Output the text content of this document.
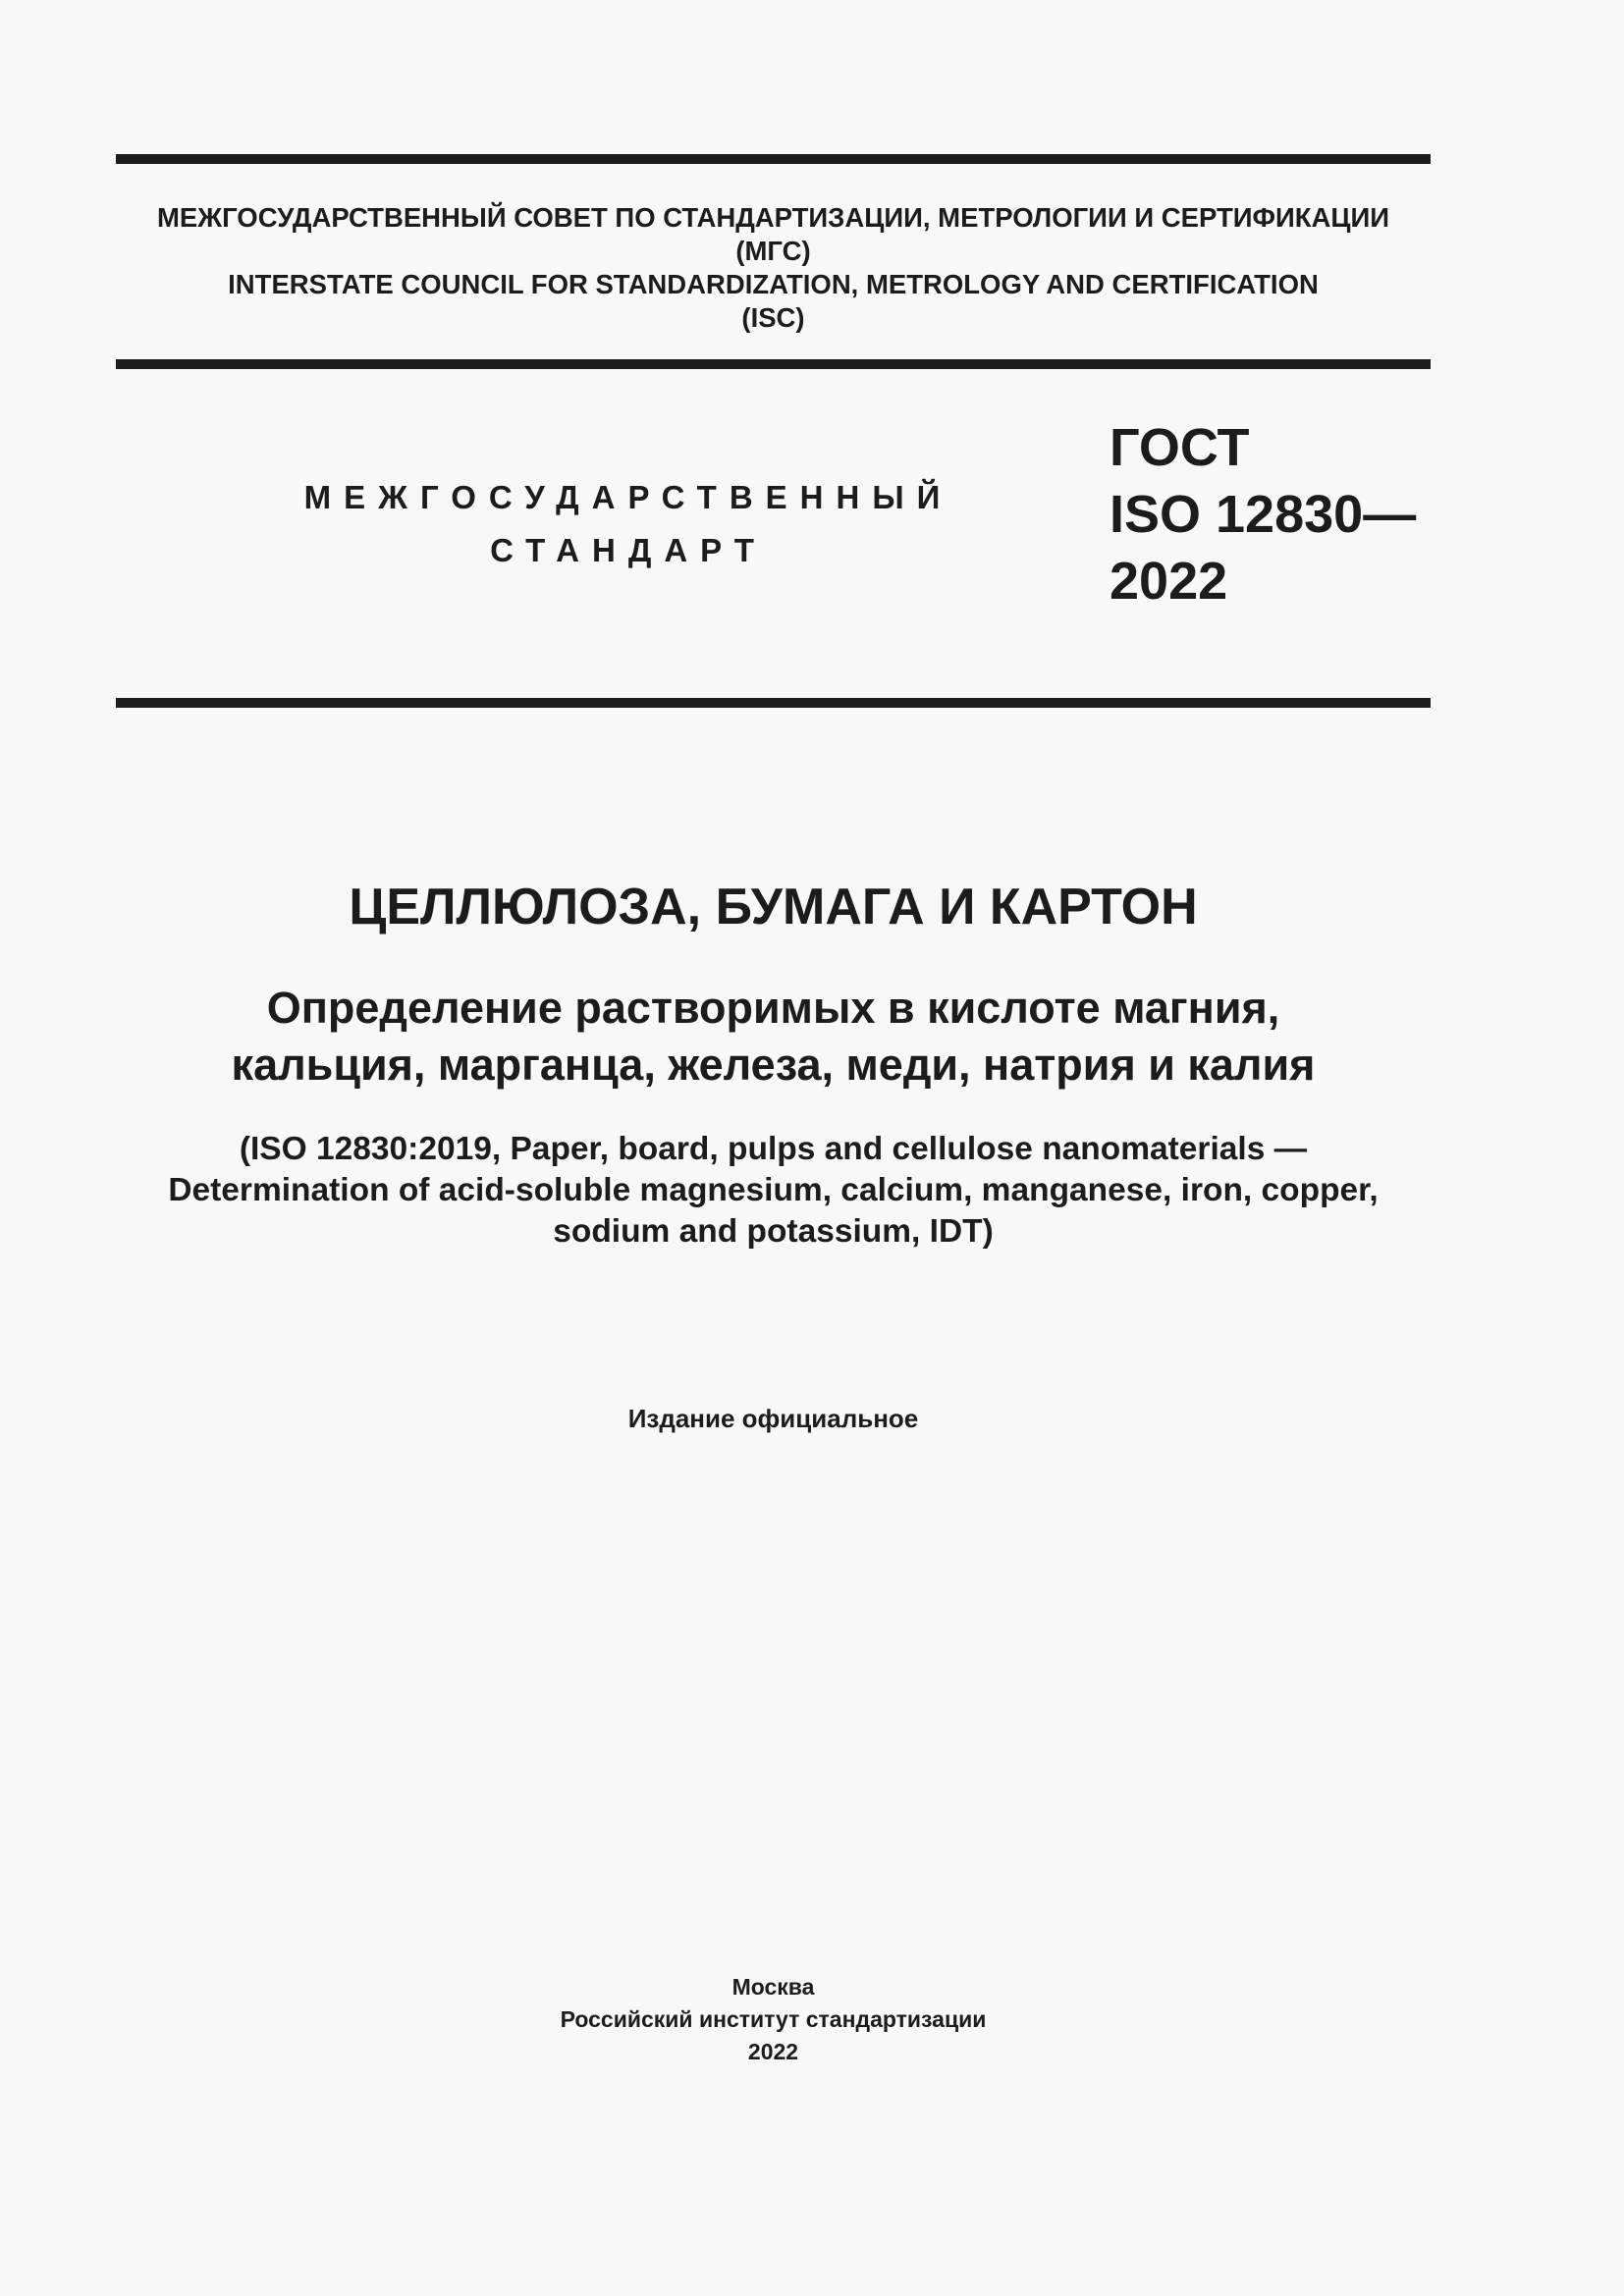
МЕЖГОСУДАРСТВЕННЫЙ СОВЕТ ПО СТАНДАРТИЗАЦИИ, МЕТРОЛОГИИ И СЕРТИФИКАЦИИ
(МГС)
INTERSTATE COUNCIL FOR STANDARDIZATION, METROLOGY AND CERTIFICATION
(ISC)
МЕЖГОСУДАРСТВЕННЫЙ
СТАНДАРТ
ГОСТ
ISO 12830—
2022
ЦЕЛЛЮЛОЗА, БУМАГА И КАРТОН
Определение растворимых в кислоте магния,
кальция, марганца, железа, меди, натрия и калия
(ISO 12830:2019, Paper, board, pulps and cellulose nanomaterials —
Determination of acid-soluble magnesium, calcium, manganese, iron, copper,
sodium and potassium, IDT)
Издание официальное
Москва
Российский институт стандартизации
2022
